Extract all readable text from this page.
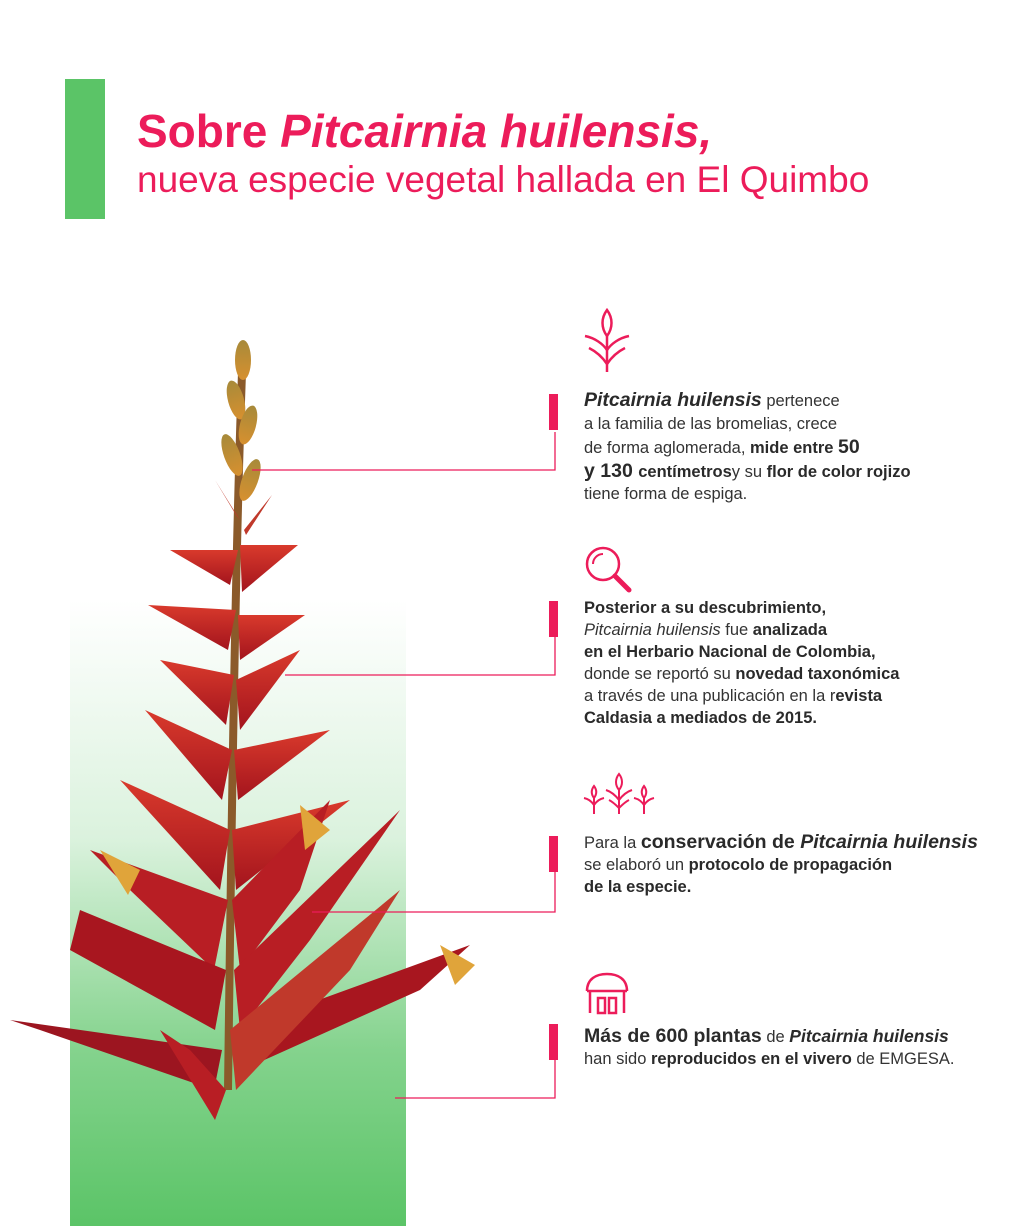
Sobre Pitcairnia huilensis,
nueva especie vegetal hallada en El Quimbo
Pitcairnia huilensis pertenece
a la familia de las bromelias, crece
de forma aglomerada, mide entre 50
y 130 centímetrosy su flor de color rojizo
tiene forma de espiga.
Posterior a su descubrimiento,
Pitcairnia huilensis fue analizada
en el Herbario Nacional de Colombia,
donde se reportó su novedad taxonómica
a través de una publicación en la revista
Caldasia a mediados de 2015.
Para la conservación de Pitcairnia huilensis
se elaboró un protocolo de propagación
de la especie.
Más de 600 plantas de Pitcairnia huilensis
han sido reproducidos en el vivero de EMGESA.
